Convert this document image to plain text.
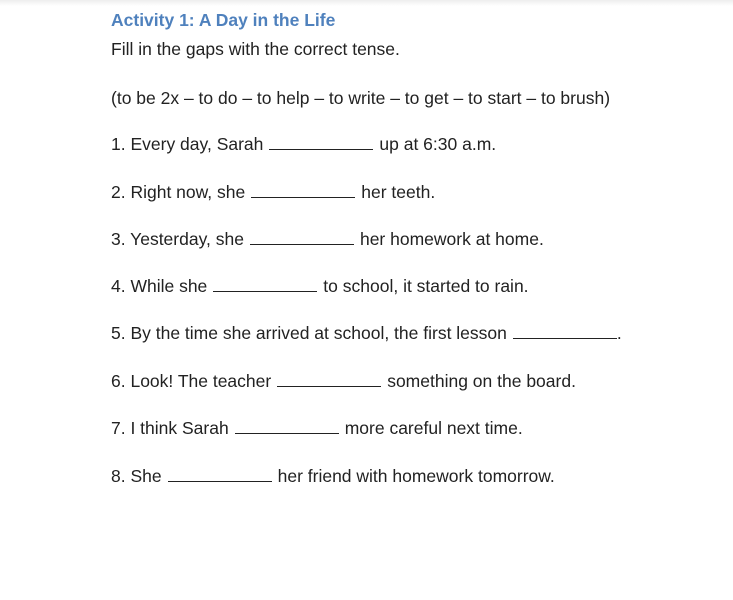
Activity 1: A Day in the Life
Fill in the gaps with the correct tense.
(to be 2x – to do – to help – to write – to get – to start – to brush)
1. Every day, Sarah	up at 6:30 a.m.
2. Right now, she	her teeth.
3. Yesterday, she	her homework at home.
4. While she	to school, it started to rain.
5. By the time she arrived at school, the first lesson	.
6. Look! The teacher	something on the board.
7. I think Sarah	more careful next time.
8. She	her friend with homework tomorrow.
